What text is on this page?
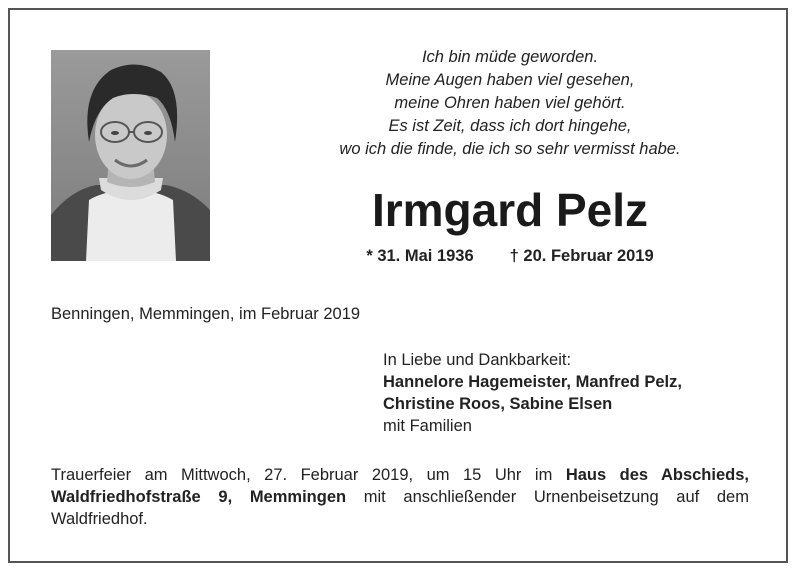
Ich bin müde geworden.
Meine Augen haben viel gesehen,
meine Ohren haben viel gehört.
Es ist Zeit, dass ich dort hingehe,
wo ich die finde, die ich so sehr vermisst habe.
Irmgard Pelz
* 31. Mai 1936 † 20. Februar 2019
Benningen, Memmingen, im Februar 2019
In Liebe und Dankbarkeit:
Hannelore Hagemeister, Manfred Pelz,
Christine Roos, Sabine Elsen
mit Familien
Trauerfeier am Mittwoch, 27. Februar 2019, um 15 Uhr im Haus des Abschieds, Waldfriedhofstraße 9, Memmingen mit anschließender Urnenbeisetzung auf dem Waldfriedhof.
